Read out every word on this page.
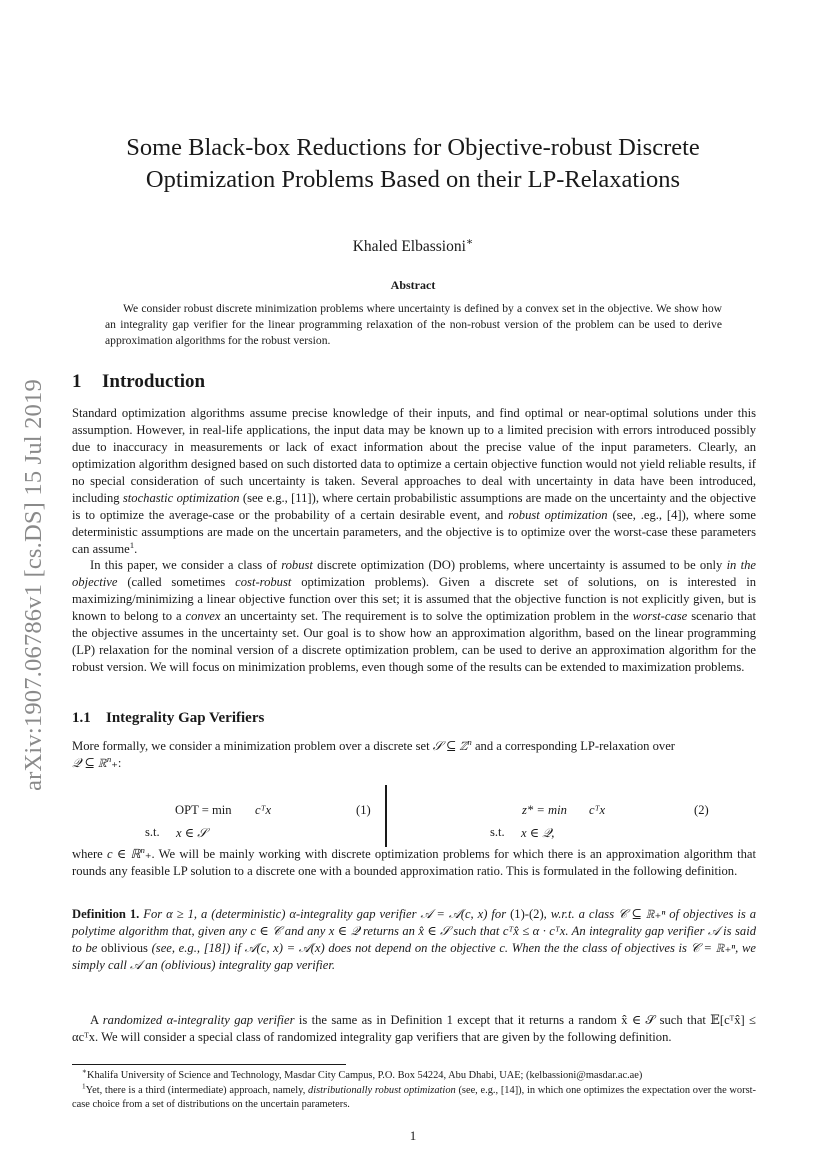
arXiv:1907.06786v1 [cs.DS] 15 Jul 2019
Some Black-box Reductions for Objective-robust Discrete
Optimization Problems Based on their LP-Relaxations
Khaled Elbassioni∗
Abstract
We consider robust discrete minimization problems where uncertainty is defined by a convex set in the objective. We show how an integrality gap verifier for the linear programming relaxation of the non-robust version of the problem can be used to derive approximation algorithms for the robust version.
1 Introduction
Standard optimization algorithms assume precise knowledge of their inputs, and find optimal or near-optimal solutions under this assumption. However, in real-life applications, the input data may be known up to a limited precision with errors introduced possibly due to inaccuracy in measurements or lack of exact information about the precise value of the input parameters. Clearly, an optimization algorithm designed based on such distorted data to optimize a certain objective function would not yield reliable results, if no special consideration of such uncertainty is taken. Several approaches to deal with uncertainty in data have been introduced, including stochastic optimization (see e.g., [11]), where certain probabilistic assumptions are made on the uncertainty and the objective is to optimize the average-case or the probability of a certain desirable event, and robust optimization (see, .eg., [4]), where some deterministic assumptions are made on the uncertain parameters, and the objective is to optimize over the worst-case these parameters can assume$^1$.
In this paper, we consider a class of robust discrete optimization (DO) problems, where uncertainty is assumed to be only in the objective (called sometimes cost-robust optimization problems). Given a discrete set of solutions, on is interested in maximizing/minimizing a linear objective function over this set; it is assumed that the objective function is not explicitly given, but is known to belong to a convex an uncertainty set. The requirement is to solve the optimization problem in the worst-case scenario that the objective assumes in the uncertainty set. Our goal is to show how an approximation algorithm, based on the linear programming (LP) relaxation for the nominal version of a discrete optimization problem, can be used to derive an approximation algorithm for the robust version. We will focus on minimization problems, even though some of the results can be extended to maximization problems.
1.1 Integrality Gap Verifiers
More formally, we consider a minimization problem over a discrete set 𝒮 ⊆ ℤ$^n$ and a corresponding LP-relaxation over
𝒬 ⊆ ℝ$^n$₊:
OPT = min cᵀx	(1)
s.t. x ∈ 𝒮
z* = min cᵀx	(2)
s.t. x ∈ 𝒬,
where c ∈ ℝ$^n$₊. We will be mainly working with discrete optimization problems for which there is an approximation algorithm that rounds any feasible LP solution to a discrete one with a bounded approximation ratio. This is formulated in the following definition.
Definition 1. For α ≥ 1, a (deterministic) α-integrality gap verifier 𝒜 = 𝒜(c, x) for (1)-(2), w.r.t. a class 𝒞 ⊆ ℝ₊ⁿ of objectives is a polytime algorithm that, given any c ∈ 𝒞 and any x ∈ 𝒬 returns an x̂ ∈ 𝒮 such that cᵀx̂ ≤ α · cᵀx. An integrality gap verifier 𝒜 is said to be oblivious (see, e.g., [18]) if 𝒜(c, x) = 𝒜(x) does not depend on the objective c. When the the class of objectives is 𝒞 = ℝ₊ⁿ, we simply call 𝒜 an (oblivious) integrality gap verifier.
A randomized α-integrality gap verifier is the same as in Definition 1 except that it returns a random x̂ ∈ 𝒮 such that 𝔼[cᵀx̂] ≤ αcᵀx. We will consider a special class of randomized integrality gap verifiers that are given by the following definition.
∗Khalifa University of Science and Technology, Masdar City Campus, P.O. Box 54224, Abu Dhabi, UAE; (kelbassioni@masdar.ac.ae)
$^1$Yet, there is a third (intermediate) approach, namely, distributionally robust optimization (see, e.g., [14]), in which one optimizes the expectation over the worst-case choice from a set of distributions on the uncertain parameters.
1
